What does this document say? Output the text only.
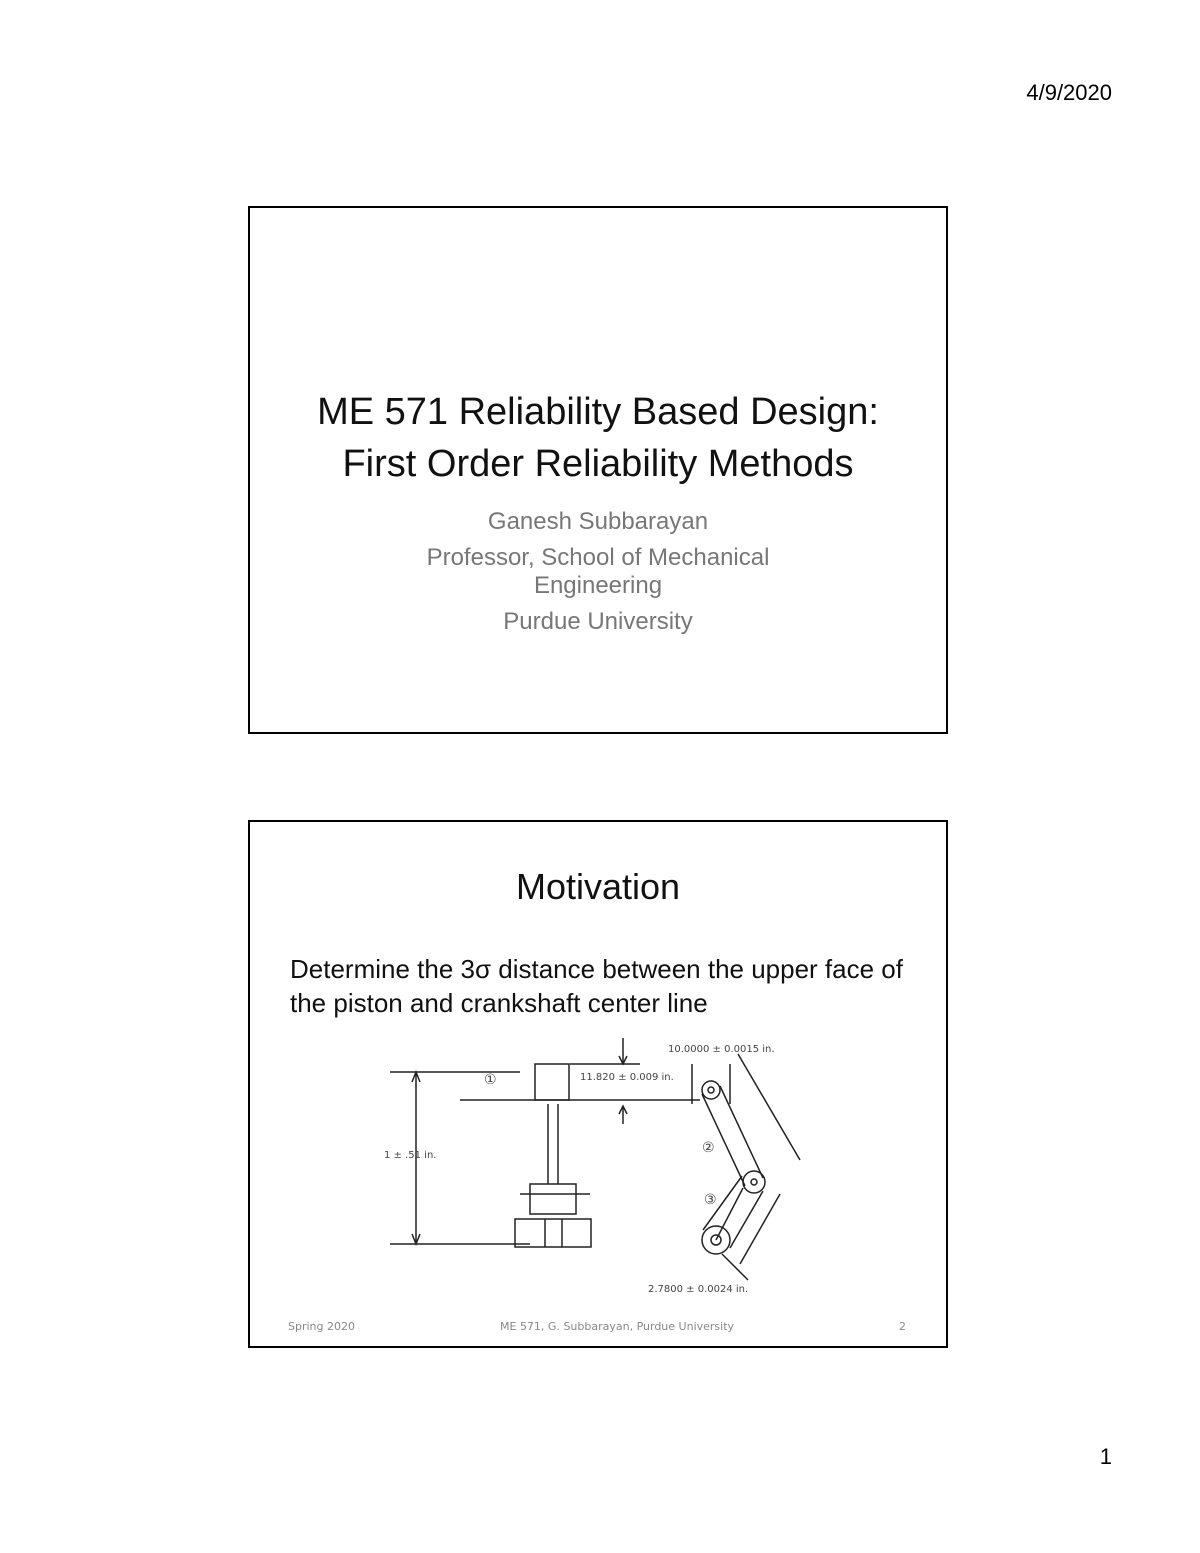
4/9/2020
ME 571 Reliability Based Design:
First Order Reliability Methods
Ganesh Subbarayan
Professor, School of Mechanical Engineering
Purdue University
Motivation
Determine the 3σ distance between the upper face of the piston and crankshaft center line
①
②
③
10.0000 ± 0.0015 in.
11.820 ± 0.009 in.
1 ± .51 in.
2.7800 ± 0.0024 in.
Spring 2020	ME 571, G. Subbarayan, Purdue University	2
1
